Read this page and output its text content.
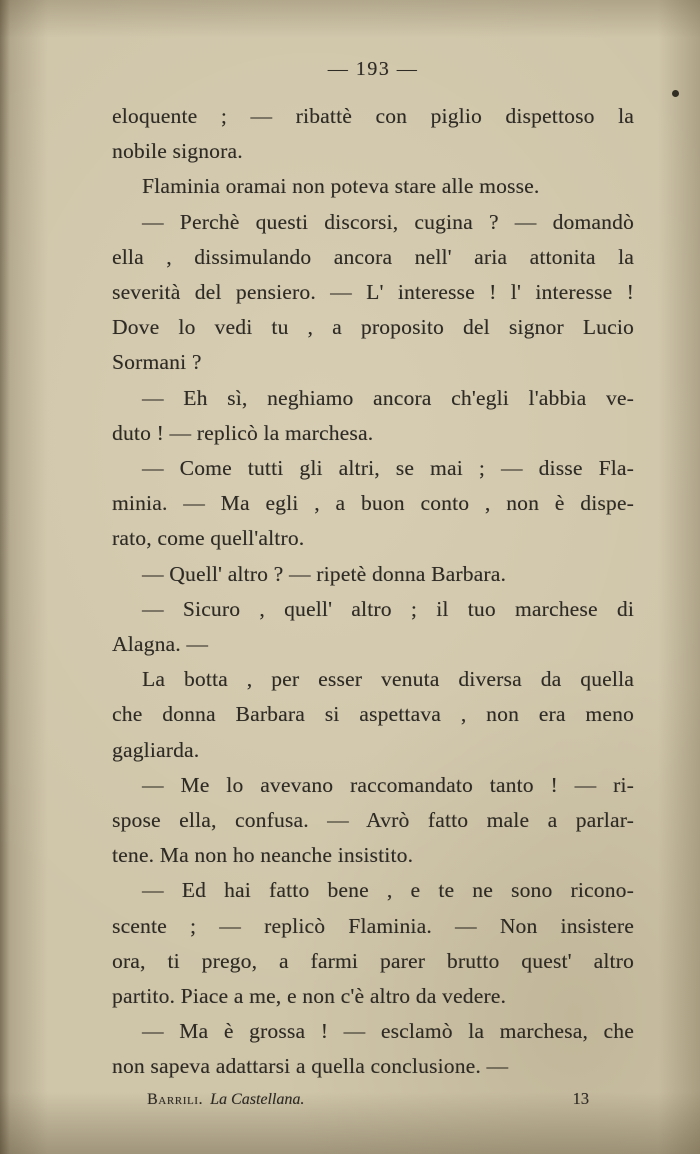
— 193 —
eloquente ; — ribattè con piglio dispettoso la
nobile signora.
Flaminia oramai non poteva stare alle mosse.
— Perchè questi discorsi, cugina ? — domandò
ella , dissimulando ancora nell' aria attonita la
severità del pensiero. — L' interesse ! l' interesse !
Dove lo vedi tu , a proposito del signor Lucio
Sormani ?
— Eh sì, neghiamo ancora ch'egli l'abbia ve-
duto ! — replicò la marchesa.
— Come tutti gli altri, se mai ; — disse Fla-
minia. — Ma egli , a buon conto , non è dispe-
rato, come quell'altro.
— Quell' altro ? — ripetè donna Barbara.
— Sicuro , quell' altro ; il tuo marchese di
Alagna. —
La botta , per esser venuta diversa da quella
che donna Barbara si aspettava , non era meno
gagliarda.
— Me lo avevano raccomandato tanto ! — ri-
spose ella, confusa. — Avrò fatto male a parlar-
tene. Ma non ho neanche insistito.
— Ed hai fatto bene , e te ne sono ricono-
scente ; — replicò Flaminia. — Non insistere
ora, ti prego, a farmi parer brutto quest' altro
partito. Piace a me, e non c'è altro da vedere.
— Ma è grossa ! — esclamò la marchesa, che
non sapeva adattarsi a quella conclusione. —
Barrili. La Castellana.	13
